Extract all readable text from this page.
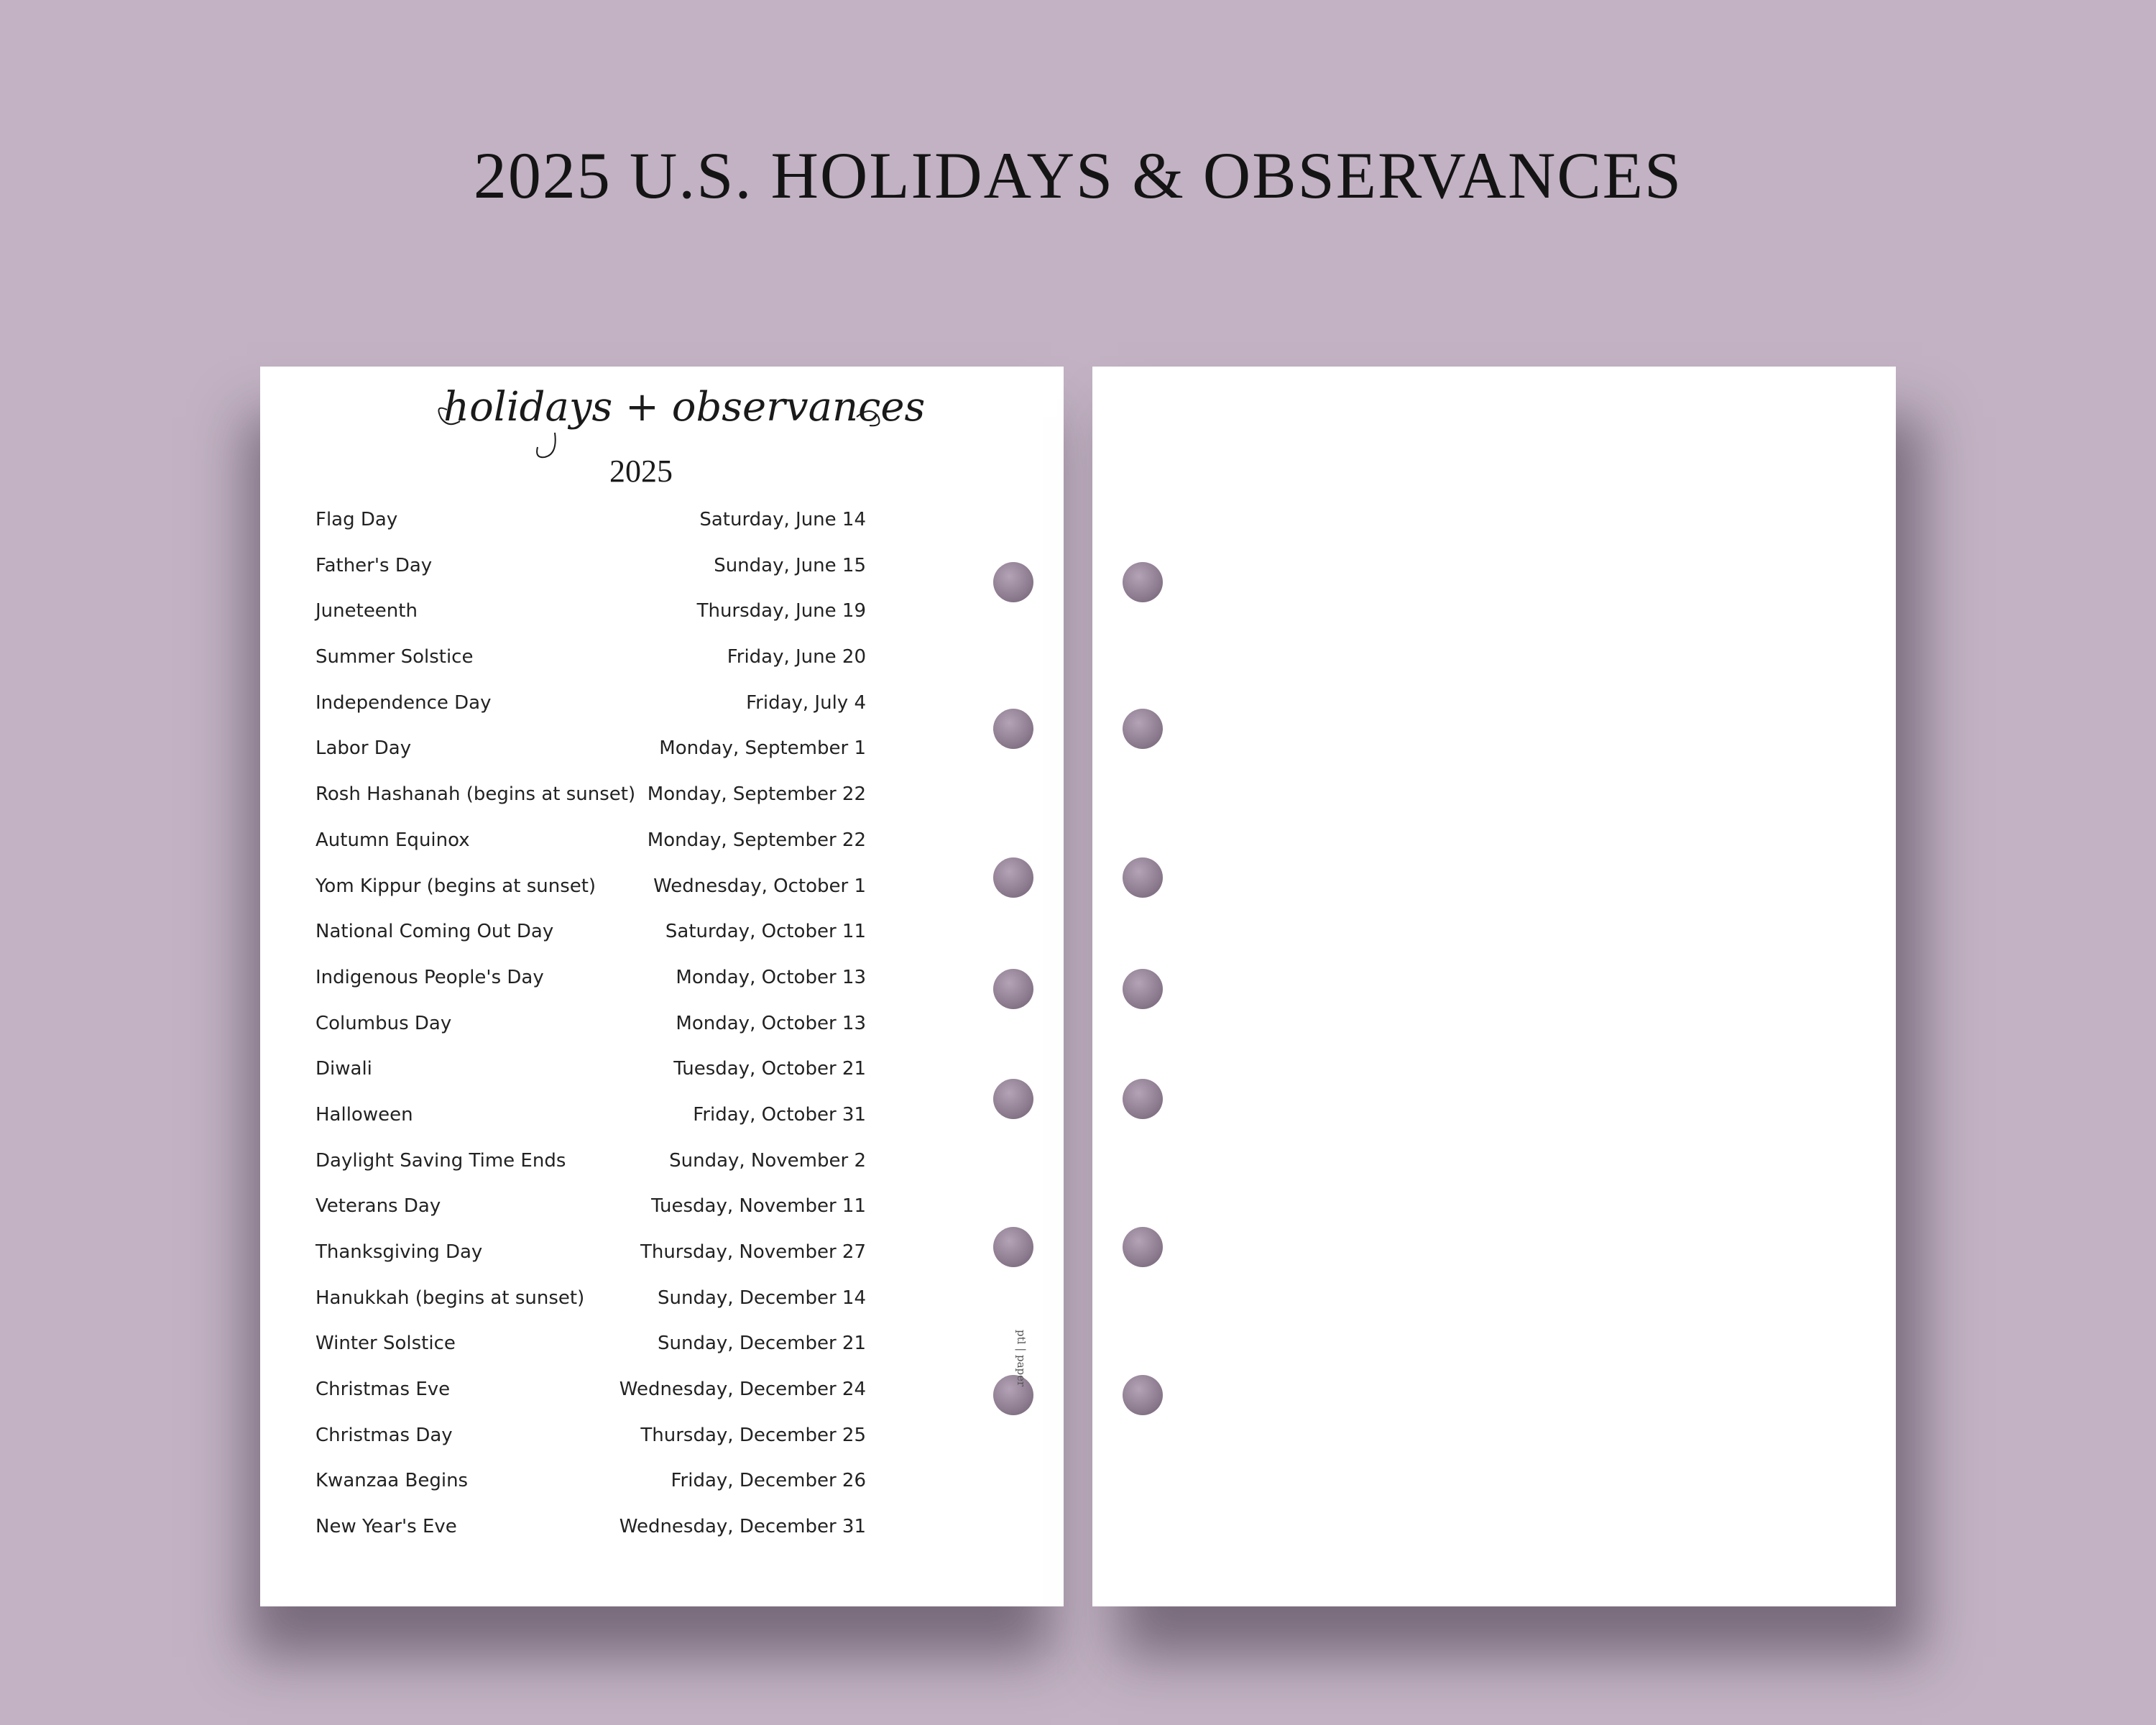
2025 U.S. HOLIDAYS & OBSERVANCES
holidays + observances
2025
Flag Day	Saturday, June 14
Father's Day	Sunday, June 15
Juneteenth	Thursday, June 19
Summer Solstice	Friday, June 20
Independence Day	Friday, July 4
Labor Day	Monday, September 1
Rosh Hashanah (begins at sunset) Monday, September 22
Autumn Equinox	Monday, September 22
Yom Kippur (begins at sunset)	Wednesday, October 1
National Coming Out Day	Saturday, October 11
Indigenous People's Day	Monday, October 13
Columbus Day	Monday, October 13
Diwali	Tuesday, October 21
Halloween	Friday, October 31
Daylight Saving Time Ends	Sunday, November 2
Veterans Day	Tuesday, November 11
Thanksgiving Day	Thursday, November 27
Hanukkah (begins at sunset)	Sunday, December 14
Winter Solstice	Sunday, December 21
Christmas Eve	Wednesday, December 24
Christmas Day	Thursday, December 25
Kwanzaa Begins	Friday, December 26
New Year's Eve	Wednesday, December 31
ptl | paper
